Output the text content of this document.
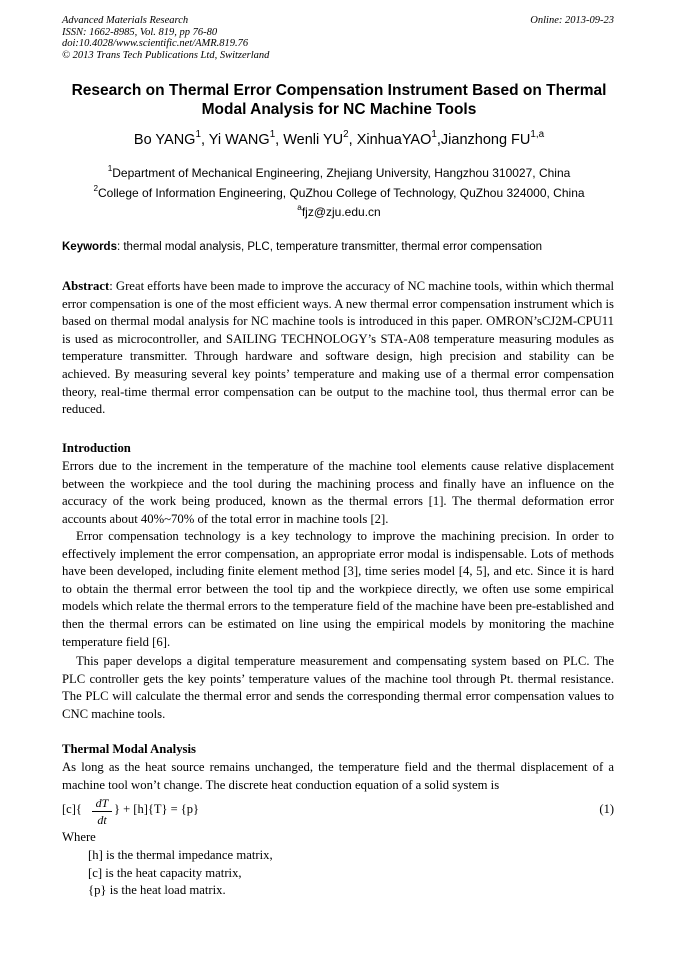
Advanced Materials Research
ISSN: 1662-8985, Vol. 819, pp 76-80
doi:10.4028/www.scientific.net/AMR.819.76
© 2013 Trans Tech Publications Ltd, Switzerland
Online: 2013-09-23
Research on Thermal Error Compensation Instrument Based on Thermal
Modal Analysis for NC Machine Tools
Bo YANG$^1$, Yi WANG$^1$, Wenli $YU^2$, XinhuaYAO$^1$,Jianzhong FU$^{1,a}$
$^1$Department of Mechanical Engineering, Zhejiang University, Hangzhou 310027, China
$^2$College of Information Engineering, QuZhou College of Technology, QuZhou 324000, China
$^a$fjz@zju.edu.cn
Keywords: thermal modal analysis, PLC, temperature transmitter, thermal error compensation
Abstract: Great efforts have been made to improve the accuracy of NC machine tools, within which thermal error compensation is one of the most efficient ways. A new thermal error compensation instrument which is based on thermal modal analysis for NC machine tools is introduced in this paper. OMRON’sCJ2M-CPU11 is used as microcontroller, and SAILING TECHNOLOGY’s STA-A08 temperature measuring modules as temperature transmitter. Through hardware and software design, high precision and stability can be achieved. By measuring several key points’ temperature and making use of a thermal error compensation theory, real-time thermal error compensation can be output to the machine tool, thus thermal error can be reduced.
Introduction
Errors due to the increment in the temperature of the machine tool elements cause relative displacement between the workpiece and the tool during the machining process and finally have an influence on the accuracy of the work being produced, known as the thermal errors [1]. The thermal deformation error accounts about 40%~70% of the total error in machine tools [2].
Error compensation technology is a key technology to improve the machining precision. In order to effectively implement the error compensation, an appropriate error modal is indispensable. Lots of methods have been developed, including finite element method [3], time series model [4, 5], and etc. Since it is hard to obtain the thermal error between the tool tip and the workpiece directly, we often use some empirical models which relate the thermal errors to the temperature field of the machine have been pre-established and then the thermal errors can be estimated on line using the empirical models by monitoring the machine temperature field [6].
This paper develops a digital temperature measurement and compensating system based on PLC. The PLC controller gets the key points’ temperature values of the machine tool through Pt. thermal resistance. The PLC will calculate the thermal error and sends the corresponding thermal error compensation values to CNC machine tools.
Thermal Modal Analysis
As long as the heat source remains unchanged, the temperature field and the thermal displacement of a machine tool won’t change. The discrete heat conduction equation of a solid system is
[c]{	dT
dt
} + [h]{T} = {p}	(1)
Where
[h] is the thermal impedance matrix,
[c] is the heat capacity matrix,
{p} is the heat load matrix.
